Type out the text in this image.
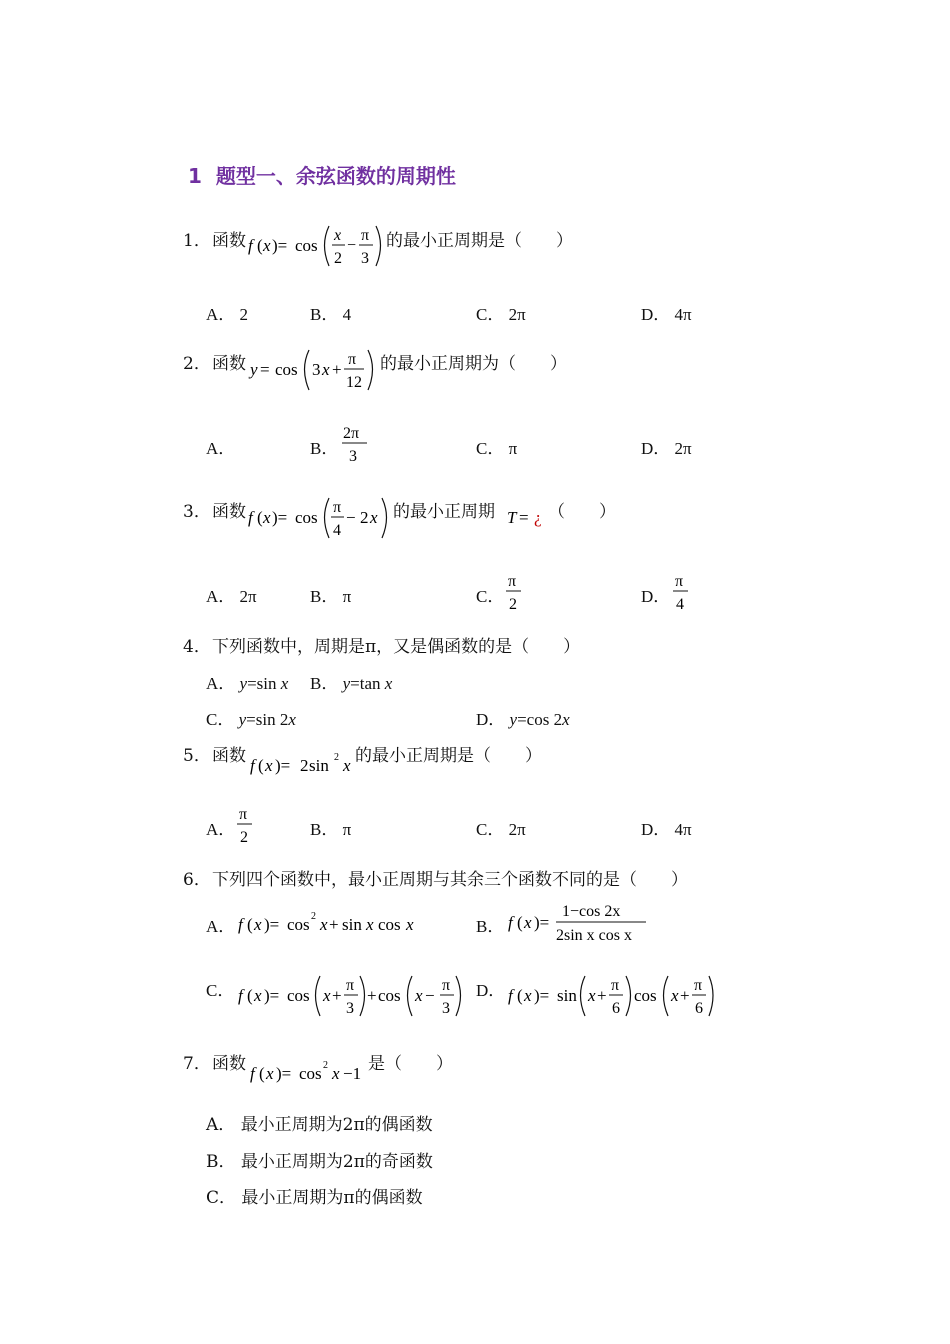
1 题型一、余弦函数的周期性
1． 函数 f ( x )= cos
x
2
−
π
3
的最小正周期是（　　）
A． 2	B． 4	C． 2π	D． 4π
2． 函数 y = cos 3 x +
π
12
的最小正周期为（　　）
A．	B．
2π
3	C． π	D． 2π
3． 函数 f ( x )= cos
π
4
− 2 x 的最小正周期 T = ¿ （　　）
A． 2π	B． π	C．
π
2	D．
π
4
4． 下列函数中，周期是π，又是偶函数的是（　　）
A． y=sin x B． y=tan x
C． y=sin 2x	D． y=cos 2x
5． 函数 f ( x )= 2 sin 2 x 的最小正周期是（　　）
A．
π
2	B． π	C． 2π	D． 4π
6． 下列四个函数中，最小正周期与其余三个函数不同的是（　　）
A． f ( x )= cos 2 x + sin x cos x	B． f ( x )=
1−cos 2x
2sin x cos x
C． f ( x )= cos x +
π
3
+ cos x −
π
3
D． f ( x )= sin x +
π
6
cos x +
π
6
7． 函数 f ( x )= cos 2 x −1 是（　　）
A． 最小正周期为2π的偶函数
B． 最小正周期为2π的奇函数
C． 最小正周期为π的偶函数
